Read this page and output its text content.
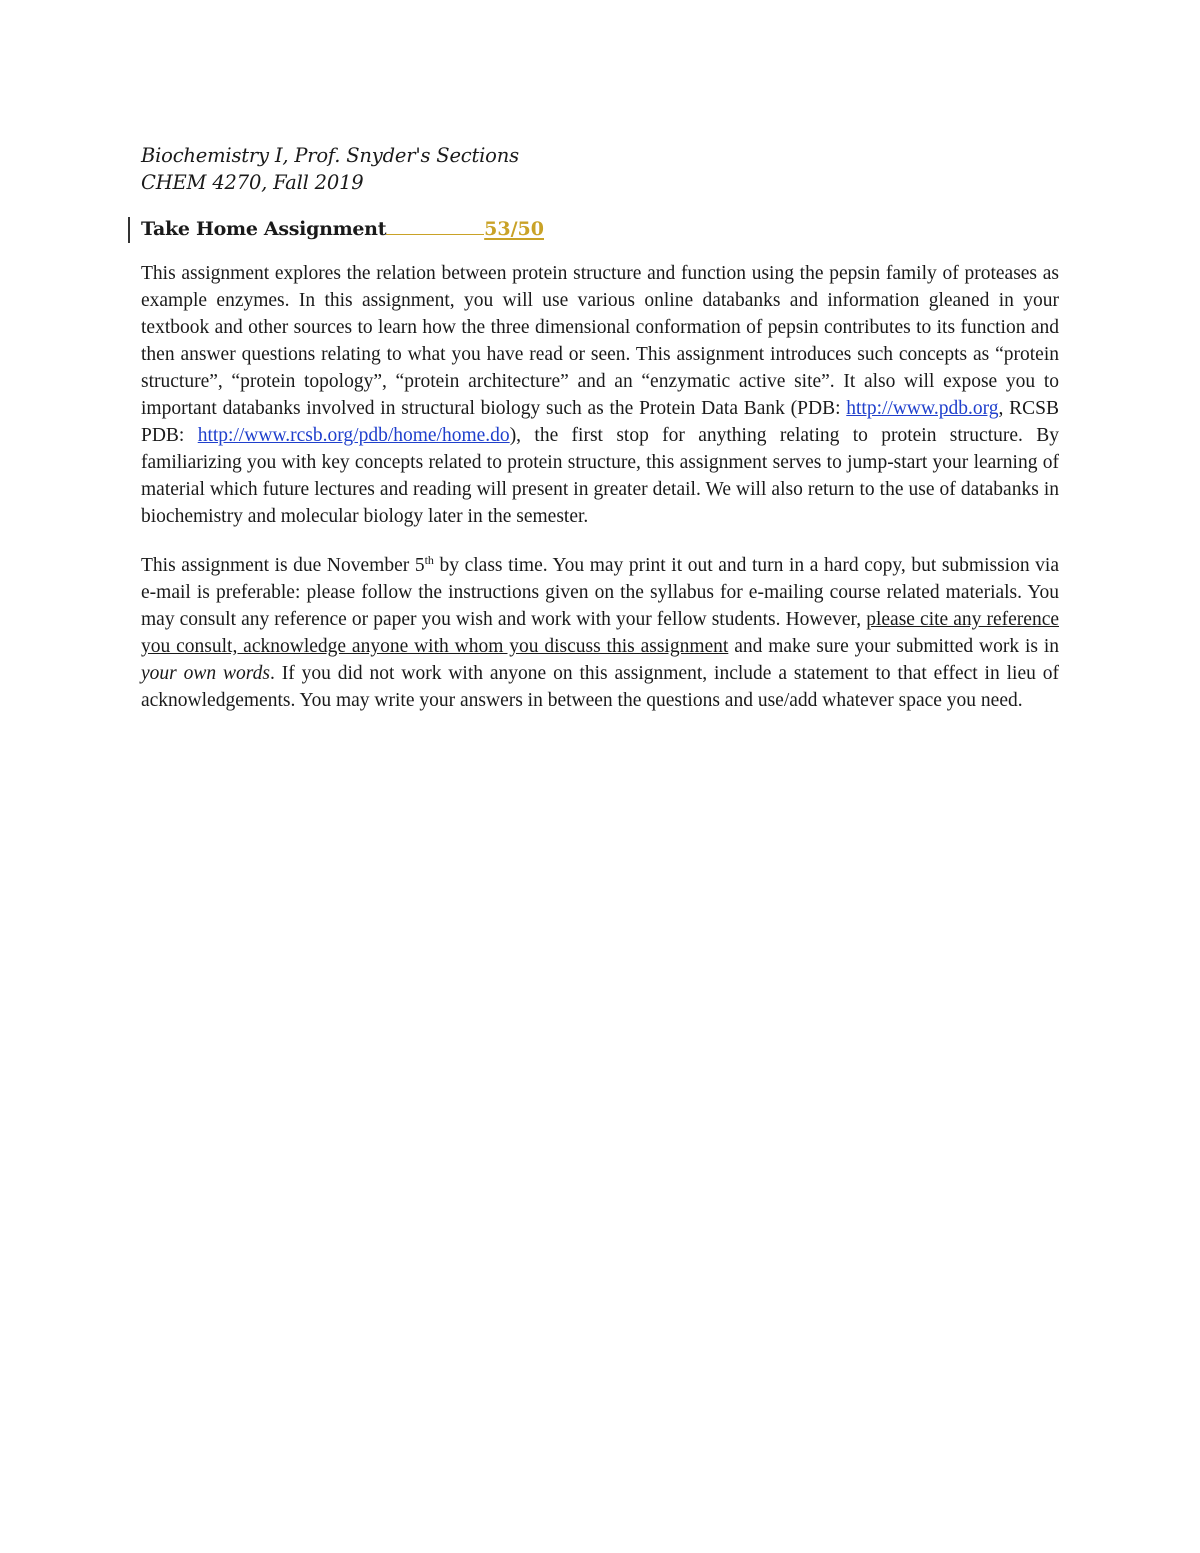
Biochemistry I, Prof. Snyder's Sections

CHEM 4270, Fall 2019

Take Home Assignment	53/50

This assignment explores the relation between protein structure and function using the pepsin family of proteases as example enzymes. In this assignment, you will use various online databanks and information gleaned in your textbook and other sources to learn how the three dimensional conformation of pepsin contributes to its function and then answer questions relating to what you have read or seen. This assignment introduces such concepts as “protein structure”, “protein topology”, “protein architecture” and an “enzymatic active site”. It also will expose you to important databanks involved in structural biology such as the Protein Data Bank (PDB: http://www.pdb.org, RCSB PDB: http://www.rcsb.org/pdb/home/home.do), the first stop for anything relating to protein structure. By familiarizing you with key concepts related to protein structure, this assignment serves to jump-start your learning of material which future lectures and reading will present in greater detail. We will also return to the use of databanks in biochemistry and molecular biology later in the semester.

This assignment is due November 5th by class time. You may print it out and turn in a hard copy, but submission via e-mail is preferable: please follow the instructions given on the syllabus for e-mailing course related materials. You may consult any reference or paper you wish and work with your fellow students. However, please cite any reference you consult, acknowledge anyone with whom you discuss this assignment and make sure your submitted work is in your own words. If you did not work with anyone on this assignment, include a statement to that effect in lieu of acknowledgements. You may write your answers in between the questions and use/add whatever space you need.
